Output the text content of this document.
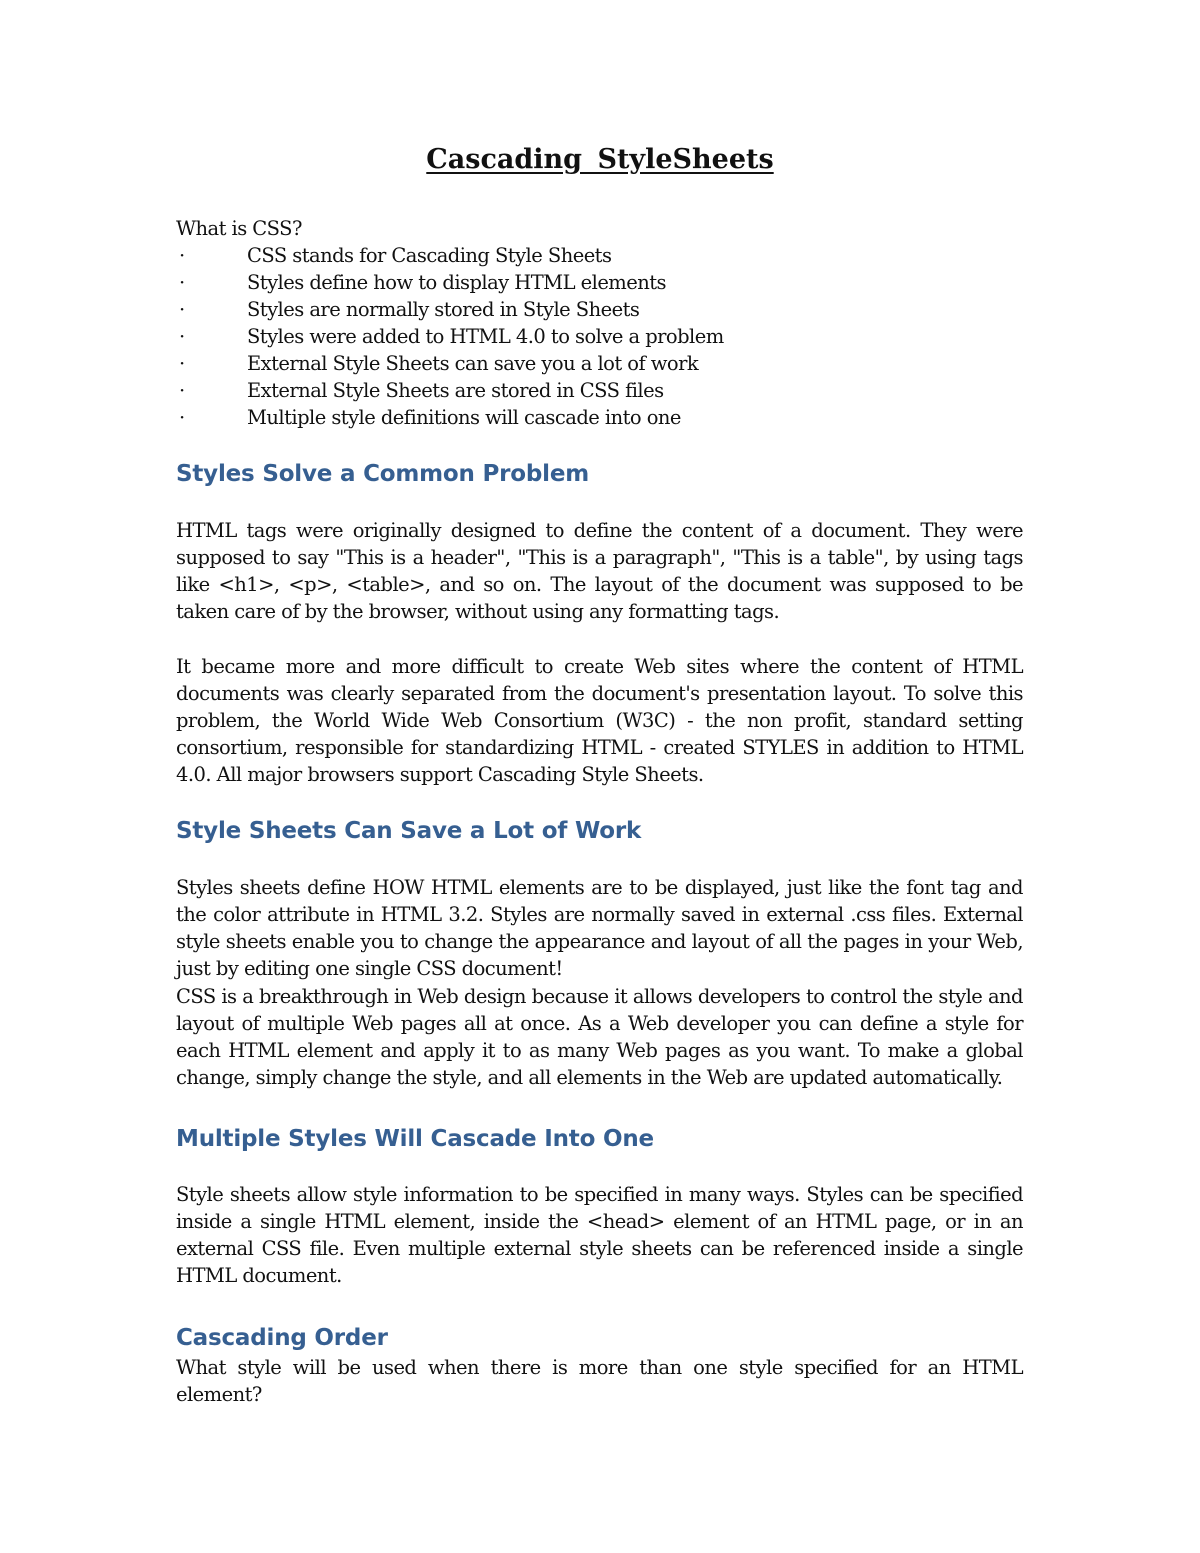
Cascading StyleSheets

What is CSS?

·	CSS stands for Cascading Style Sheets
·	Styles define how to display HTML elements
·	Styles are normally stored in Style Sheets
·	Styles were added to HTML 4.0 to solve a problem
·	External Style Sheets can save you a lot of work
·	External Style Sheets are stored in CSS files
·	Multiple style definitions will cascade into one
Styles Solve a Common Problem

HTML tags were originally designed to define the content of a document. They were supposed to say "This is a header", "This is a paragraph", "This is a table", by using tags like <h1>, <p>, <table>, and so on. The layout of the document was supposed to be taken care of by the browser, without using any formatting tags.

It became more and more difficult to create Web sites where the content of HTML documents was clearly separated from the document's presentation layout. To solve this problem, the World Wide Web Consortium (W3C) - the non profit, standard setting consortium, responsible for standardizing HTML - created STYLES in addition to HTML 4.0. All major browsers support Cascading Style Sheets.

Style Sheets Can Save a Lot of Work

Styles sheets define HOW HTML elements are to be displayed, just like the font tag and the color attribute in HTML 3.2. Styles are normally saved in external .css files. External style sheets enable you to change the appearance and layout of all the pages in your Web, just by editing one single CSS document!

CSS is a breakthrough in Web design because it allows developers to control the style and layout of multiple Web pages all at once. As a Web developer you can define a style for each HTML element and apply it to as many Web pages as you want. To make a global change, simply change the style, and all elements in the Web are updated automatically.

Multiple Styles Will Cascade Into One

Style sheets allow style information to be specified in many ways. Styles can be specified inside a single HTML element, inside the <head> element of an HTML page, or in an external CSS file. Even multiple external style sheets can be referenced inside a single HTML document.

Cascading Order

What style will be used when there is more than one style specified for an HTML element?
